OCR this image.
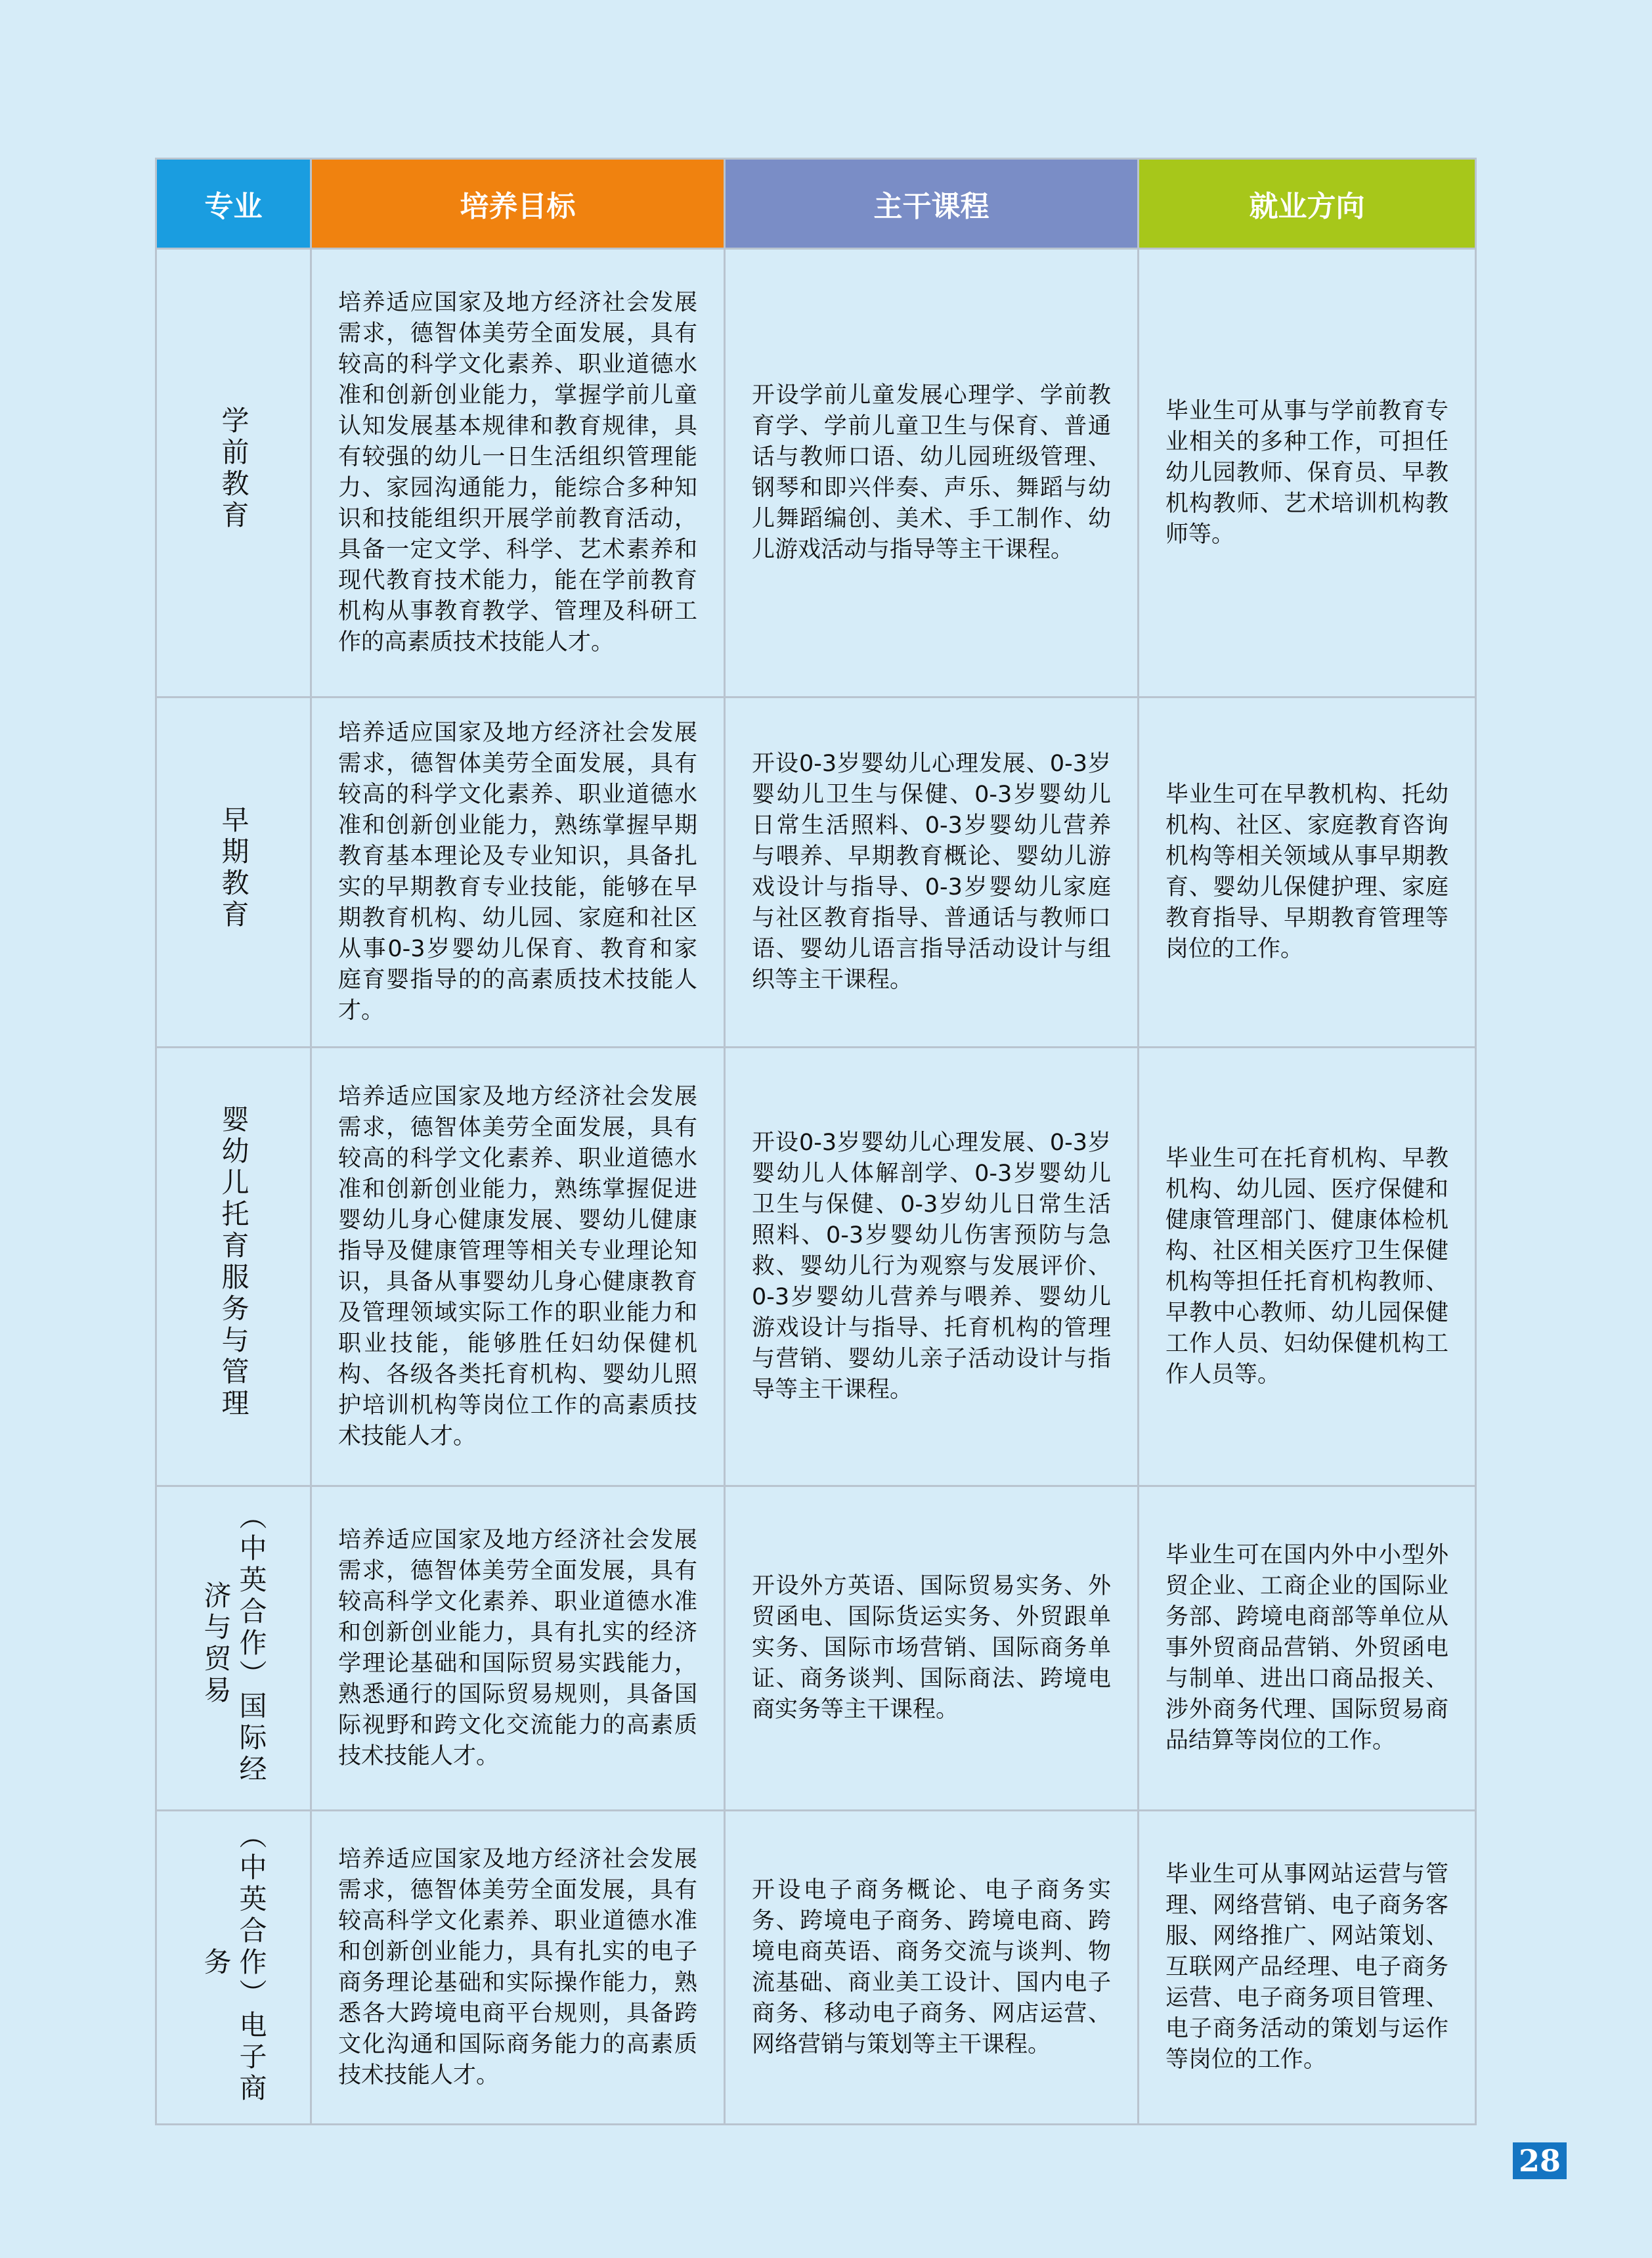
专业	培养目标	主干课程	就业方向
学前教育	培养适应国家及地方经济社会发展需求，德智体美劳全面发展，具有较高的科学文化素养、职业道德水准和创新创业能力，掌握学前儿童认知发展基本规律和教育规律，具有较强的幼儿一日生活组织管理能力、家园沟通能力，能综合多种知识和技能组织开展学前教育活动，具备一定文学、科学、艺术素养和现代教育技术能力，能在学前教育机构从事教育教学、管理及科研工作的高素质技术技能人才。	开设学前儿童发展心理学、学前教育学、学前儿童卫生与保育、普通话与教师口语、幼儿园班级管理、钢琴和即兴伴奏、声乐、舞蹈与幼儿舞蹈编创、美术、手工制作、幼儿游戏活动与指导等主干课程。	毕业生可从事与学前教育专业相关的多种工作，可担任幼儿园教师、保育员、早教机构教师、艺术培训机构教师等。
早期教育	培养适应国家及地方经济社会发展需求，德智体美劳全面发展，具有较高的科学文化素养、职业道德水准和创新创业能力，熟练掌握早期教育基本理论及专业知识，具备扎实的早期教育专业技能，能够在早期教育机构、幼儿园、家庭和社区从事0-3岁婴幼儿保育、教育和家庭育婴指导的的高素质技术技能人才。	开设0-3岁婴幼儿心理发展、0-3岁婴幼儿卫生与保健、0-3岁婴幼儿日常生活照料、0-3岁婴幼儿营养与喂养、早期教育概论、婴幼儿游戏设计与指导、0-3岁婴幼儿家庭与社区教育指导、普通话与教师口语、婴幼儿语言指导活动设计与组织等主干课程。	毕业生可在早教机构、托幼机构、社区、家庭教育咨询机构等相关领域从事早期教育、婴幼儿保健护理、家庭教育指导、早期教育管理等岗位的工作。
婴幼儿托育服务与管理	培养适应国家及地方经济社会发展需求，德智体美劳全面发展，具有较高的科学文化素养、职业道德水准和创新创业能力，熟练掌握促进婴幼儿身心健康发展、婴幼儿健康指导及健康管理等相关专业理论知识，具备从事婴幼儿身心健康教育及管理领域实际工作的职业能力和职业技能，能够胜任妇幼保健机构、各级各类托育机构、婴幼儿照护培训机构等岗位工作的高素质技术技能人才。	开设0-3岁婴幼儿心理发展、0-3岁婴幼儿人体解剖学、0-3岁婴幼儿卫生与保健、0-3岁幼儿日常生活照料、0-3岁婴幼儿伤害预防与急救、婴幼儿行为观察与发展评价、0-3岁婴幼儿营养与喂养、婴幼儿游戏设计与指导、托育机构的管理与营销、婴幼儿亲子活动设计与指导等主干课程。	毕业生可在托育机构、早教机构、幼儿园、医疗保健和健康管理部门、健康体检机构、社区相关医疗卫生保健机构等担任托育机构教师、早教中心教师、幼儿园保健工作人员、妇幼保健机构工作人员等。
（中英合作）国际经济与贸易	培养适应国家及地方经济社会发展需求，德智体美劳全面发展，具有较高科学文化素养、职业道德水准和创新创业能力，具有扎实的经济学理论基础和国际贸易实践能力，熟悉通行的国际贸易规则，具备国际视野和跨文化交流能力的高素质技术技能人才。	开设外方英语、国际贸易实务、外贸函电、国际货运实务、外贸跟单实务、国际市场营销、国际商务单证、商务谈判、国际商法、跨境电商实务等主干课程。	毕业生可在国内外中小型外贸企业、工商企业的国际业务部、跨境电商部等单位从事外贸商品营销、外贸函电与制单、进出口商品报关、涉外商务代理、国际贸易商品结算等岗位的工作。
（中英合作）电子商务	培养适应国家及地方经济社会发展需求，德智体美劳全面发展，具有较高科学文化素养、职业道德水准和创新创业能力，具有扎实的电子商务理论基础和实际操作能力，熟悉各大跨境电商平台规则，具备跨文化沟通和国际商务能力的高素质技术技能人才。	开设电子商务概论、电子商务实务、跨境电子商务、跨境电商、跨境电商英语、商务交流与谈判、物流基础、商业美工设计、国内电子商务、移动电子商务、网店运营、网络营销与策划等主干课程。	毕业生可从事网站运营与管理、网络营销、电子商务客服、网络推广、网站策划、互联网产品经理、电子商务运营、电子商务项目管理、电子商务活动的策划与运作等岗位的工作。
28
